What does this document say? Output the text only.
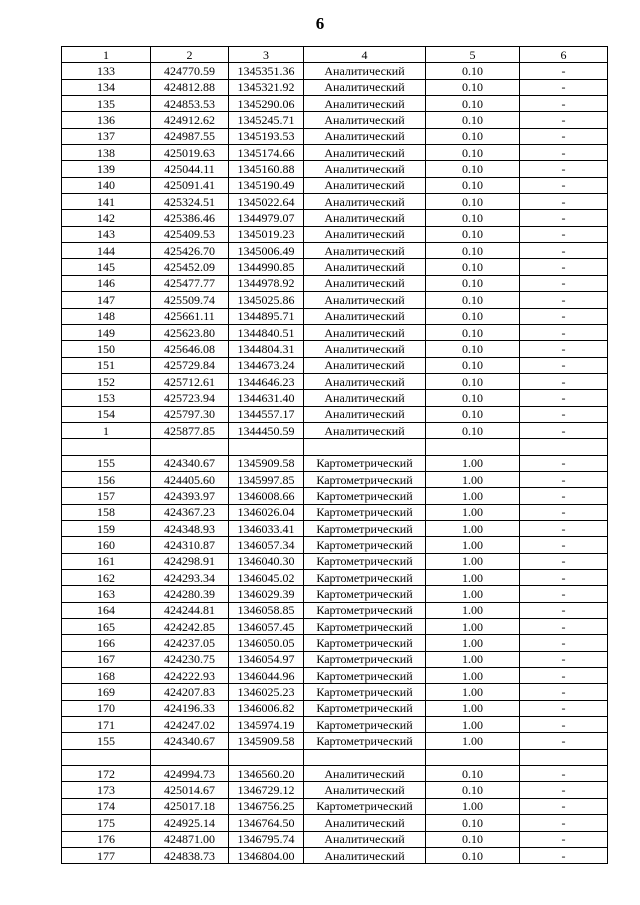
6
1	2	3	4	5	6
133	424770.59	1345351.36	Аналитический	0.10	-
134	424812.88	1345321.92	Аналитический	0.10	-
135	424853.53	1345290.06	Аналитический	0.10	-
136	424912.62	1345245.71	Аналитический	0.10	-
137	424987.55	1345193.53	Аналитический	0.10	-
138	425019.63	1345174.66	Аналитический	0.10	-
139	425044.11	1345160.88	Аналитический	0.10	-
140	425091.41	1345190.49	Аналитический	0.10	-
141	425324.51	1345022.64	Аналитический	0.10	-
142	425386.46	1344979.07	Аналитический	0.10	-
143	425409.53	1345019.23	Аналитический	0.10	-
144	425426.70	1345006.49	Аналитический	0.10	-
145	425452.09	1344990.85	Аналитический	0.10	-
146	425477.77	1344978.92	Аналитический	0.10	-
147	425509.74	1345025.86	Аналитический	0.10	-
148	425661.11	1344895.71	Аналитический	0.10	-
149	425623.80	1344840.51	Аналитический	0.10	-
150	425646.08	1344804.31	Аналитический	0.10	-
151	425729.84	1344673.24	Аналитический	0.10	-
152	425712.61	1344646.23	Аналитический	0.10	-
153	425723.94	1344631.40	Аналитический	0.10	-
154	425797.30	1344557.17	Аналитический	0.10	-
1	425877.85	1344450.59	Аналитический	0.10	-

155	424340.67	1345909.58	Картометрический	1.00	-
156	424405.60	1345997.85	Картометрический	1.00	-
157	424393.97	1346008.66	Картометрический	1.00	-
158	424367.23	1346026.04	Картометрический	1.00	-
159	424348.93	1346033.41	Картометрический	1.00	-
160	424310.87	1346057.34	Картометрический	1.00	-
161	424298.91	1346040.30	Картометрический	1.00	-
162	424293.34	1346045.02	Картометрический	1.00	-
163	424280.39	1346029.39	Картометрический	1.00	-
164	424244.81	1346058.85	Картометрический	1.00	-
165	424242.85	1346057.45	Картометрический	1.00	-
166	424237.05	1346050.05	Картометрический	1.00	-
167	424230.75	1346054.97	Картометрический	1.00	-
168	424222.93	1346044.96	Картометрический	1.00	-
169	424207.83	1346025.23	Картометрический	1.00	-
170	424196.33	1346006.82	Картометрический	1.00	-
171	424247.02	1345974.19	Картометрический	1.00	-
155	424340.67	1345909.58	Картометрический	1.00	-

172	424994.73	1346560.20	Аналитический	0.10	-
173	425014.67	1346729.12	Аналитический	0.10	-
174	425017.18	1346756.25	Картометрический	1.00	-
175	424925.14	1346764.50	Аналитический	0.10	-
176	424871.00	1346795.74	Аналитический	0.10	-
177	424838.73	1346804.00	Аналитический	0.10	-
